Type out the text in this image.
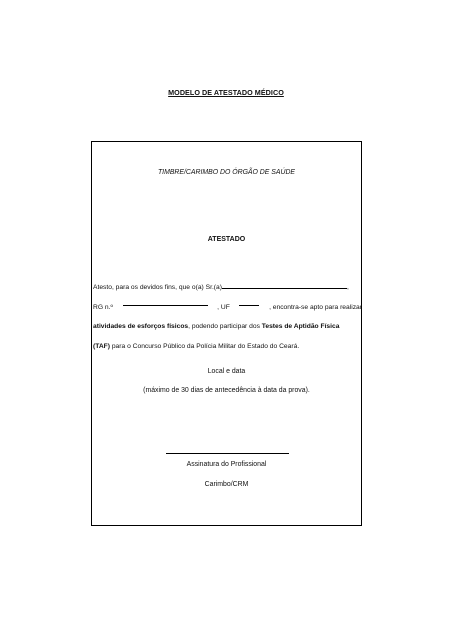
MODELO DE ATESTADO MÉDICO
TIMBRE/CARIMBO DO ÓRGÃO DE SAÚDE
ATESTADO
Atesto, para os devidos fins, que o(a) Sr.(a)	,
RG n.º	, UF	, encontra-se apto para realizar
atividades de esforços físicos, podendo participar dos Testes de Aptidão Física
(TAF) para o Concurso Público da Polícia Militar do Estado do Ceará.
Local e data
(máximo de 30 dias de antecedência à data da prova).
Assinatura do Profissional
Carimbo/CRM
